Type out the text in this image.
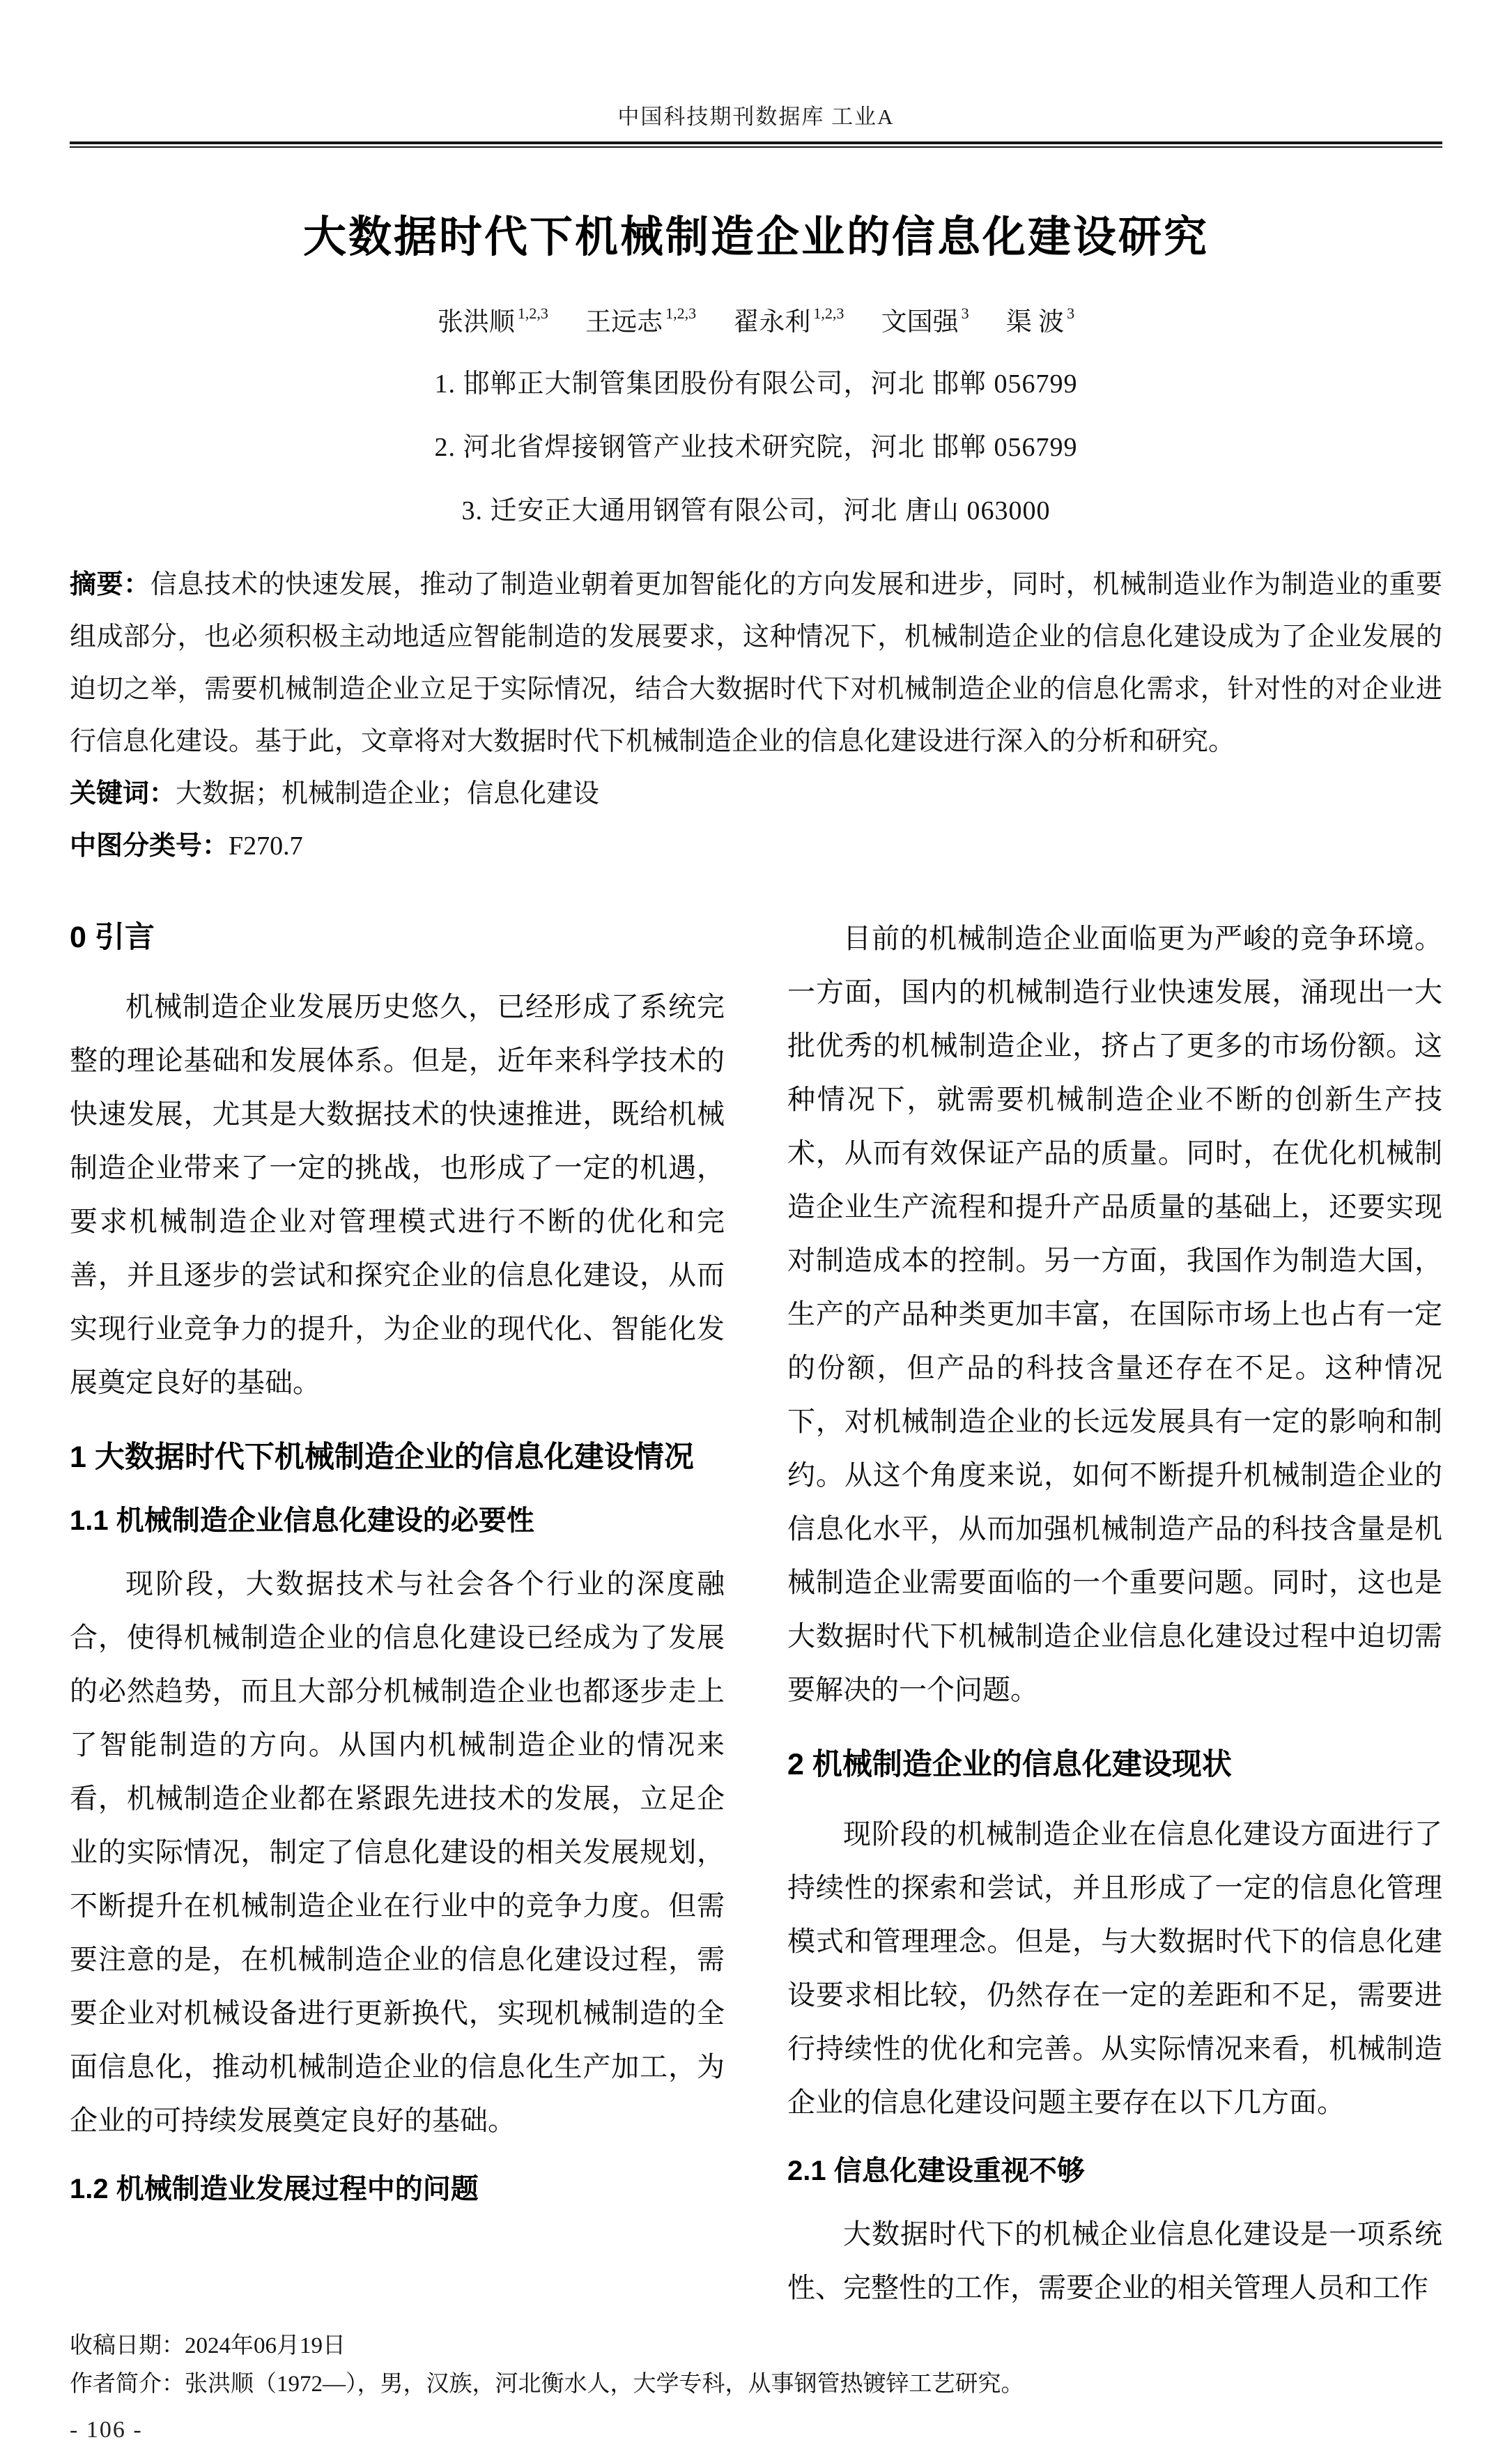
中国科技期刊数据库 工业A
大数据时代下机械制造企业的信息化建设研究
张洪顺 $^{1,2,3}$ 王远志 $^{1,2,3}$ 翟永利 $^{1,2,3}$ 文国强 $^3$ 渠 波 $^3$
1. 邯郸正大制管集团股份有限公司，河北 邯郸 056799
2. 河北省焊接钢管产业技术研究院，河北 邯郸 056799
3. 迁安正大通用钢管有限公司，河北 唐山 063000

摘要：信息技术的快速发展，推动了制造业朝着更加智能化的方向发展和进步，同时，机械制造业作为制造业的重要组成部分，也必须积极主动地适应智能制造的发展要求，这种情况下，机械制造企业的信息化建设成为了企业发展的迫切之举，需要机械制造企业立足于实际情况，结合大数据时代下对机械制造企业的信息化需求，针对性的对企业进行信息化建设。基于此，文章将对大数据时代下机械制造企业的信息化建设进行深入的分析和研究。

关键词：大数据；机械制造企业；信息化建设

中图分类号：F270.7

0 引言

机械制造企业发展历史悠久，已经形成了系统完整的理论基础和发展体系。但是，近年来科学技术的快速发展，尤其是大数据技术的快速推进，既给机械制造企业带来了一定的挑战，也形成了一定的机遇，要求机械制造企业对管理模式进行不断的优化和完善，并且逐步的尝试和探究企业的信息化建设，从而实现行业竞争力的提升，为企业的现代化、智能化发展奠定良好的基础。

1 大数据时代下机械制造企业的信息化建设情况
1.1 机械制造企业信息化建设的必要性

现阶段，大数据技术与社会各个行业的深度融合，使得机械制造企业的信息化建设已经成为了发展的必然趋势，而且大部分机械制造企业也都逐步走上了智能制造的方向。从国内机械制造企业的情况来看，机械制造企业都在紧跟先进技术的发展，立足企业的实际情况，制定了信息化建设的相关发展规划，不断提升在机械制造企业在行业中的竞争力度。但需要注意的是，在机械制造企业的信息化建设过程，需要企业对机械设备进行更新换代，实现机械制造的全面信息化，推动机械制造企业的信息化生产加工，为企业的可持续发展奠定良好的基础。

1.2 机械制造业发展过程中的问题

目前的机械制造企业面临更为严峻的竞争环境。一方面，国内的机械制造行业快速发展，涌现出一大批优秀的机械制造企业，挤占了更多的市场份额。这种情况下，就需要机械制造企业不断的创新生产技术，从而有效保证产品的质量。同时，在优化机械制造企业生产流程和提升产品质量的基础上，还要实现对制造成本的控制。另一方面，我国作为制造大国，生产的产品种类更加丰富，在国际市场上也占有一定的份额，但产品的科技含量还存在不足。这种情况下，对机械制造企业的长远发展具有一定的影响和制约。从这个角度来说，如何不断提升机械制造企业的信息化水平，从而加强机械制造产品的科技含量是机械制造企业需要面临的一个重要问题。同时，这也是大数据时代下机械制造企业信息化建设过程中迫切需要解决的一个问题。

2 机械制造企业的信息化建设现状

现阶段的机械制造企业在信息化建设方面进行了持续性的探索和尝试，并且形成了一定的信息化管理模式和管理理念。但是，与大数据时代下的信息化建设要求相比较，仍然存在一定的差距和不足，需要进行持续性的优化和完善。从实际情况来看，机械制造企业的信息化建设问题主要存在以下几方面。

2.1 信息化建设重视不够

大数据时代下的机械企业信息化建设是一项系统性、完整性的工作，需要企业的相关管理人员和工作

收稿日期：2024年06月19日

作者简介：张洪顺（1972—），男，汉族，河北衡水人，大学专科，从事钢管热镀锌工艺研究。

- 106 -
